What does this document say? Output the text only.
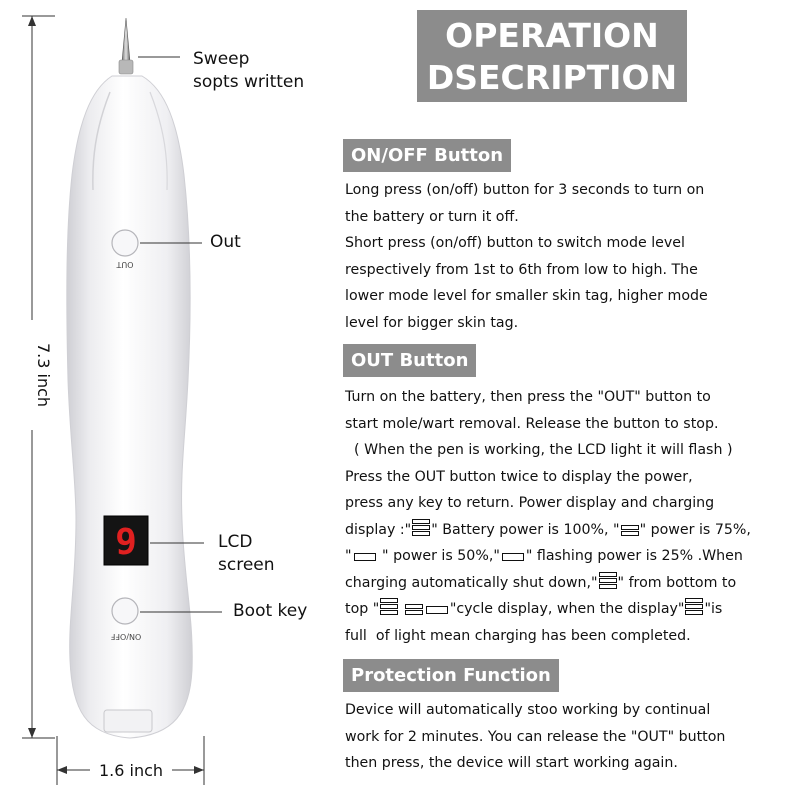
OUT
6
ON/OFF
7.3 inch
1.6 inch
Sweep
sopts written
Out
LCD
screen
Boot key
OPERATION
DSECRIPTION
ON/OFF Button

Long press (on/off) button for 3 seconds to turn on

the battery or turn it off.

Short press (on/off) button to switch mode level

respectively from 1st to 6th from low to high. The

lower mode level for smaller skin tag, higher mode

level for bigger skin tag.

OUT Button

Turn on the battery, then press the "OUT" button to

start mole/wart removal. Release the button to stop.

( When the pen is working, the LCD light it will flash )

Press the OUT button twice to display the power,

press any key to return. Power display and charging

display :" " Battery power is 100%, " " power is 75%,

" " power is 50%," " flashing power is 25% .When

charging automatically shut down," " from bottom to

top "
	"cycle display, when the display" "is

full  of light mean charging has been completed.

Protection Function

Device will automatically stoo working by continual

work for 2 minutes. You can release the "OUT" button

then press, the device will start working again.
